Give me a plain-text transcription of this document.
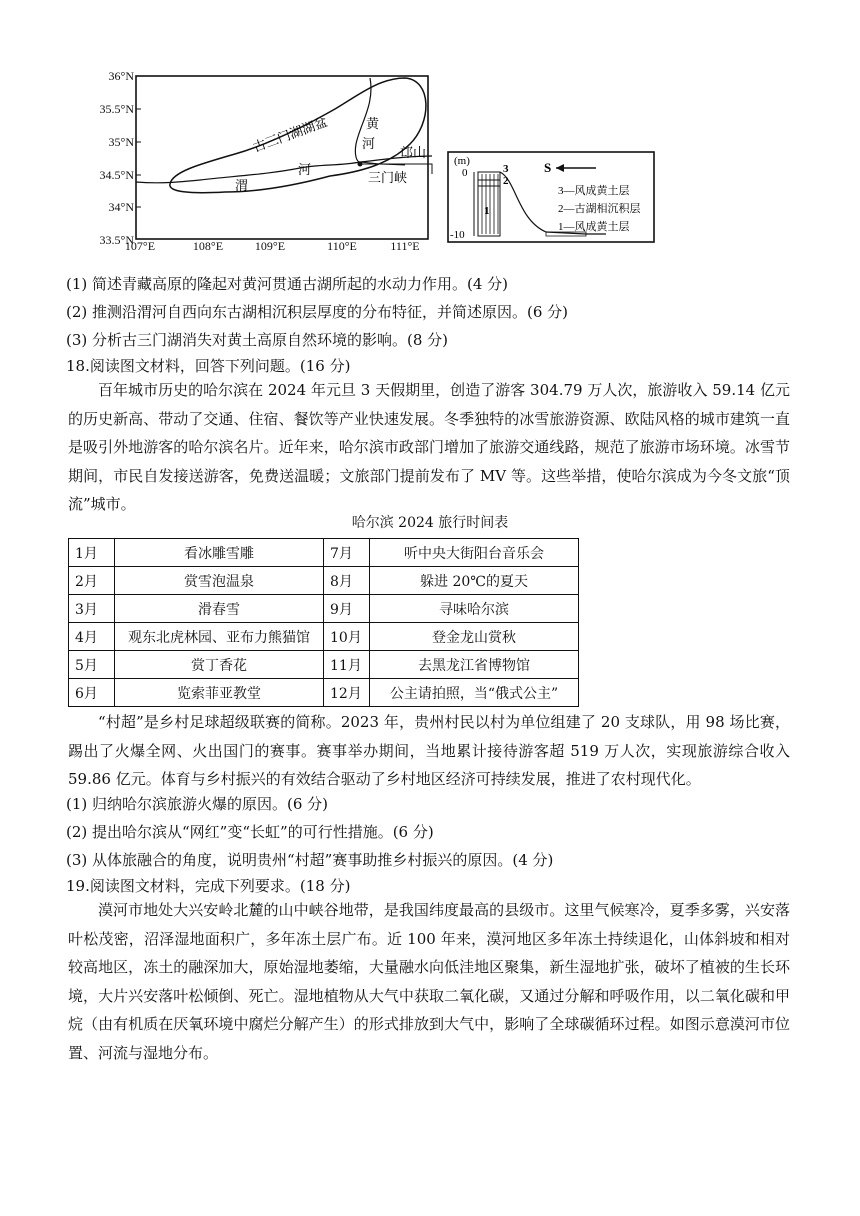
36°N
35.5°N
35°N
34.5°N
34°N
33.5°N
107°E	108°E	109°E	110°E	111°E
古三门湖湖盆	黄
河
渭
河
邙山
三门峡
(m)
0
-10
3
2
1
S
3—风成黄土层
2—古湖相沉积层
1—风成黄土层
(1) 简述青藏高原的隆起对黄河贯通古湖所起的水动力作用。(4 分)
(2) 推测沿渭河自西向东古湖相沉积层厚度的分布特征，并简述原因。(6 分)
(3) 分析古三门湖消失对黄土高原自然环境的影响。(8 分)
18.阅读图文材料，回答下列问题。(16 分)
百年城市历史的哈尔滨在 2024 年元旦 3 天假期里，创造了游客 304.79 万人次，旅游收入 59.14 亿元的历史新高、带动了交通、住宿、餐饮等产业快速发展。冬季独特的冰雪旅游资源、欧陆风格的城市建筑一直是吸引外地游客的哈尔滨名片。近年来，哈尔滨市政部门增加了旅游交通线路，规范了旅游市场环境。冰雪节期间，市民自发接送游客，免费送温暖；文旅部门提前发布了 MV 等。这些举措，使哈尔滨成为今冬文旅“顶流”城市。
哈尔滨 2024 旅行时间表
1月	看冰雕雪雕	7月	听中央大街阳台音乐会
2月	赏雪泡温泉	8月	躲进 20℃的夏天
3月	滑春雪	9月	寻味哈尔滨
4月	观东北虎林园、亚布力熊猫馆	10月	登金龙山赏秋
5月	赏丁香花	11月	去黑龙江省博物馆
6月	览索菲亚教堂	12月	公主请拍照，当“俄式公主”
“村超”是乡村足球超级联赛的简称。2023 年，贵州村民以村为单位组建了 20 支球队，用 98 场比赛，踢出了火爆全网、火出国门的赛事。赛事举办期间，当地累计接待游客超 519 万人次，实现旅游综合收入 59.86 亿元。体育与乡村振兴的有效结合驱动了乡村地区经济可持续发展，推进了农村现代化。
(1) 归纳哈尔滨旅游火爆的原因。(6 分)
(2) 提出哈尔滨从“网红”变“长虹”的可行性措施。(6 分)
(3) 从体旅融合的角度，说明贵州“村超”赛事助推乡村振兴的原因。(4 分)
19.阅读图文材料，完成下列要求。(18 分)
漠河市地处大兴安岭北麓的山中峡谷地带，是我国纬度最高的县级市。这里气候寒冷，夏季多雾，兴安落叶松茂密，沼泽湿地面积广，多年冻土层广布。近 100 年来，漠河地区多年冻土持续退化，山体斜坡和相对较高地区，冻土的融深加大，原始湿地萎缩，大量融水向低洼地区聚集，新生湿地扩张，破坏了植被的生长环境，大片兴安落叶松倾倒、死亡。湿地植物从大气中获取二氧化碳，又通过分解和呼吸作用，以二氧化碳和甲烷（由有机质在厌氧环境中腐烂分解产生）的形式排放到大气中，影响了全球碳循环过程。如图示意漠河市位置、河流与湿地分布。
